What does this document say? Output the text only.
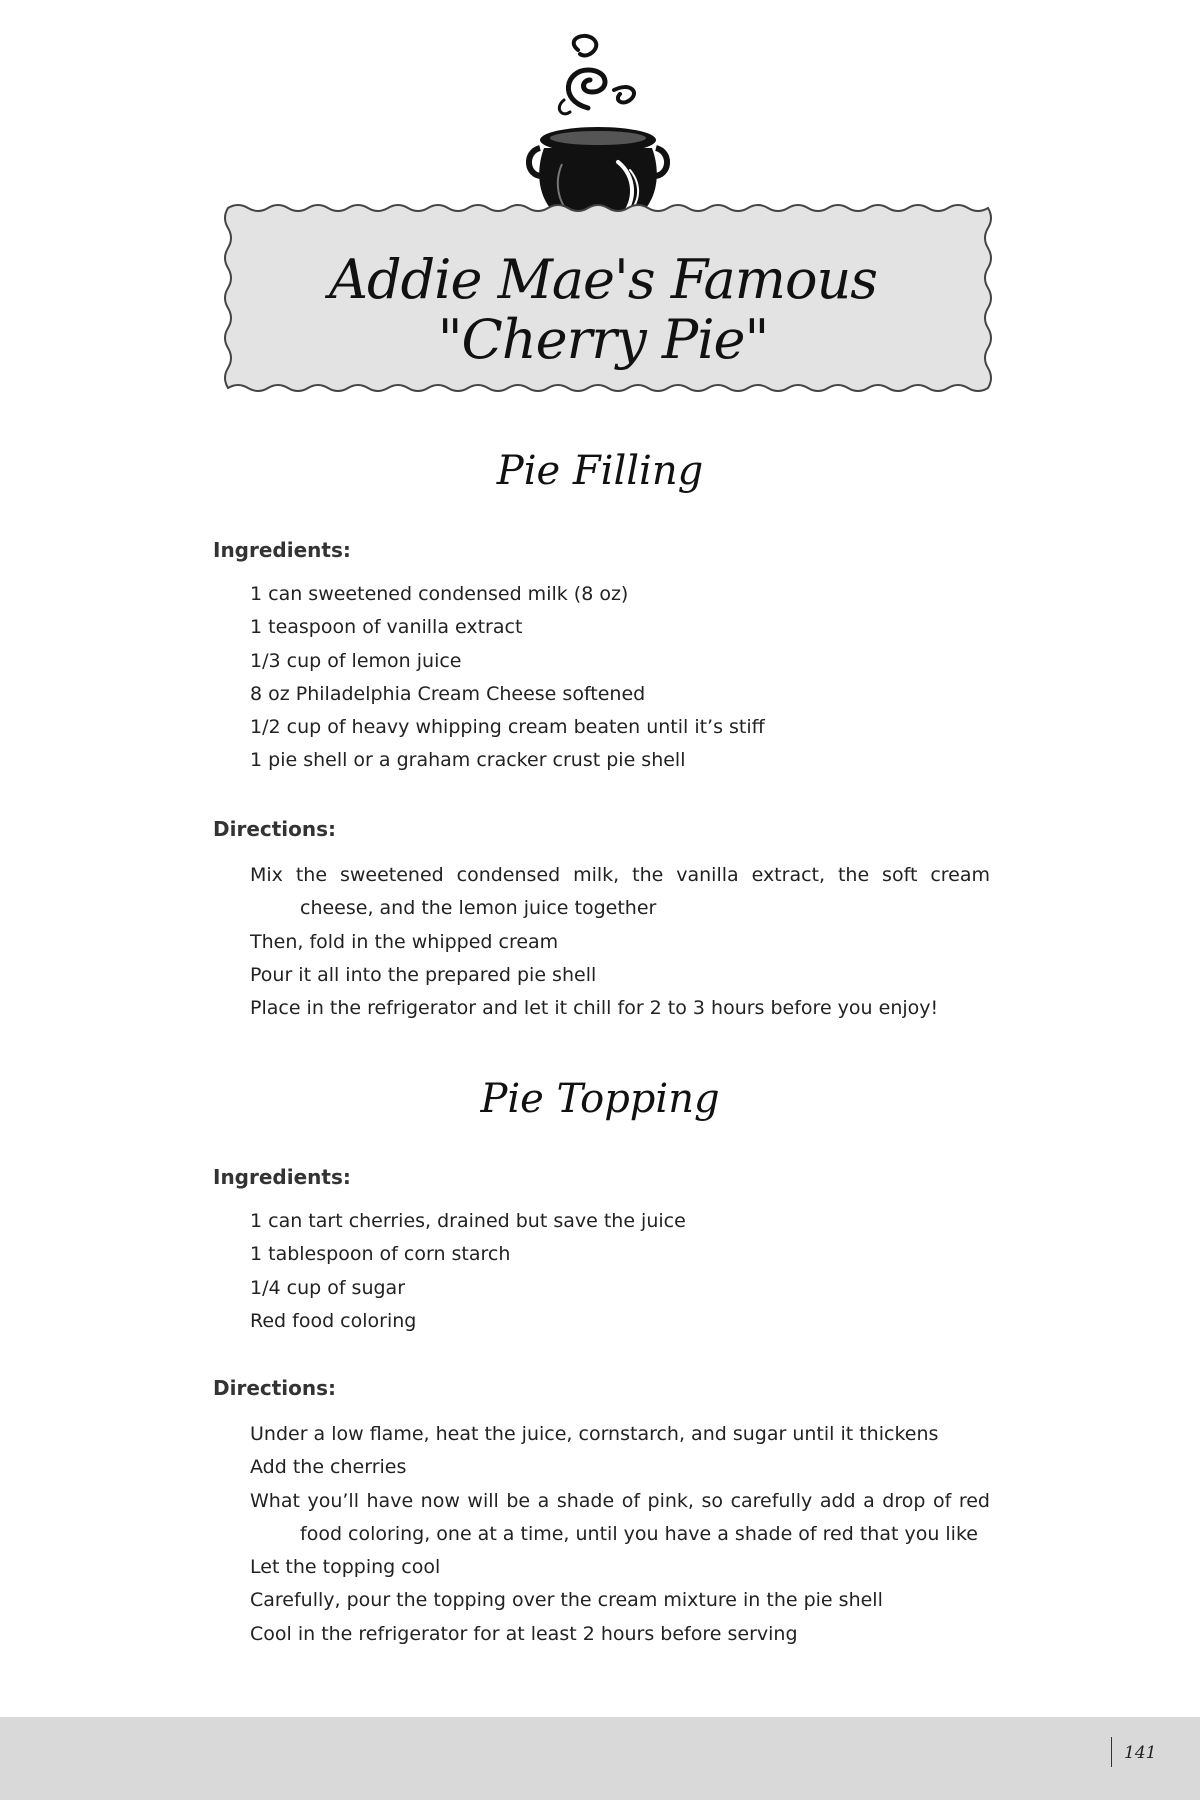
Addie Mae's Famous
"Cherry Pie"
Pie Filling
Ingredients:
1 can sweetened condensed milk (8 oz)
1 teaspoon of vanilla extract
1/3 cup of lemon juice
8 oz Philadelphia Cream Cheese softened
1/2 cup of heavy whipping cream beaten until it’s stiff
1 pie shell or a graham cracker crust pie shell
Directions:
Mix the sweetened condensed milk, the vanilla extract, the soft cream cheese, and the lemon juice together
Then, fold in the whipped cream
Pour it all into the prepared pie shell
Place in the refrigerator and let it chill for 2 to 3 hours before you enjoy!
Pie Topping
Ingredients:
1 can tart cherries, drained but save the juice
1 tablespoon of corn starch
1/4 cup of sugar
Red food coloring
Directions:
Under a low flame, heat the juice, cornstarch, and sugar until it thickens
Add the cherries
What you’ll have now will be a shade of pink, so carefully add a drop of red food coloring, one at a time, until you have a shade of red that you like
Let the topping cool
Carefully, pour the topping over the cream mixture in the pie shell
Cool in the refrigerator for at least 2 hours before serving
141
